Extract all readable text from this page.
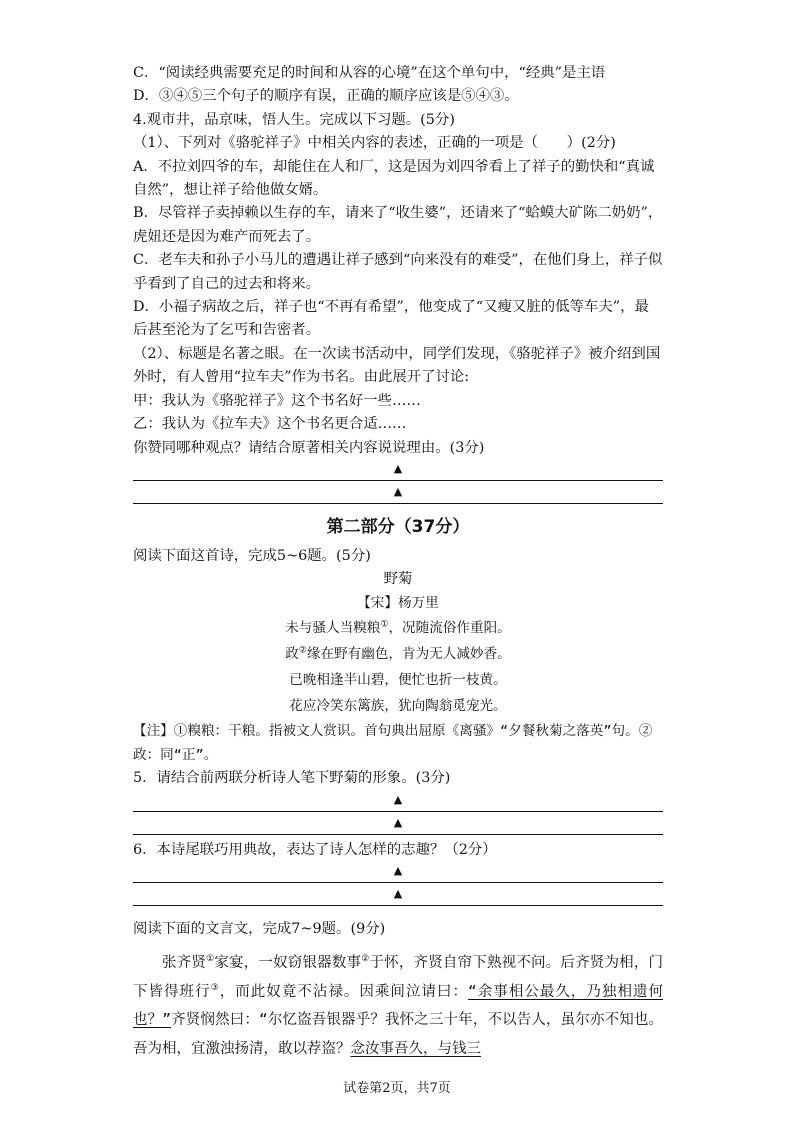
C．“阅读经典需要充足的时间和从容的心境”在这个单句中，“经典”是主语

D．③④⑤三个句子的顺序有误，正确的顺序应该是⑤④③。

4.观市井，品京味，悟人生。完成以下习题。(5分)

（1）、下列对《骆驼祥子》中相关内容的表述，正确的一项是（　　）(2分)

A．不拉刘四爷的车，却能住在人和厂，这是因为刘四爷看上了祥子的勤快和“真诚自然”，想让祥子给他做女婿。

B．尽管祥子卖掉赖以生存的车，请来了“收生婆”，还请来了“蛤蟆大矿陈二奶奶”，虎妞还是因为难产而死去了。

C．老车夫和孙子小马儿的遭遇让祥子感到“向来没有的难受”，在他们身上，祥子似乎看到了自己的过去和将来。

D．小福子病故之后，祥子也“不再有希望”，他变成了“又瘦又脏的低等车夫”，最后甚至沦为了乞丐和告密者。

（2）、标题是名著之眼。在一次读书活动中，同学们发现，《骆驼祥子》被介绍到国外时，有人曾用“拉车夫”作为书名。由此展开了讨论:

甲：我认为《骆驼祥子》这个书名好一些……

乙：我认为《拉车夫》这个书名更合适……

你赞同哪种观点？请结合原著相关内容说说理由。(3分)

▲
▲
第二部分（37分）

阅读下面这首诗，完成5~6题。(5分)

野菊

【宋】杨万里

未与骚人当糗粮①，况随流俗作重阳。

政②缘在野有幽色，肯为无人减妙香。

已晚相逢半山碧，便忙也折一枝黄。

花应冷笑东篱族，犹向陶翁觅宠光。

【注】①糗粮：干粮。指被文人赏识。首句典出屈原《离骚》“夕餐秋菊之落英”句。②政：同“正”。

5．请结合前两联分析诗人笔下野菊的形象。(3分)

▲
▲

6．本诗尾联巧用典故，表达了诗人怎样的志趣？（2分）

▲
▲

阅读下面的文言文，完成7~9题。(9分)

张齐贤①家宴，一奴窃银器数事②于怀，齐贤自帘下熟视不问。后齐贤为相，门下皆得班行③，而此奴竟不沾禄。因乘间泣请曰：“余事相公最久，乃独相遗何也？”齐贤悯然曰：“尔忆盗吾银器乎？我怀之三十年，不以告人，虽尔亦不知也。吾为相，宜激浊扬清，敢以荐盗？念汝事吾久，与钱三

试卷第2页，共7页
